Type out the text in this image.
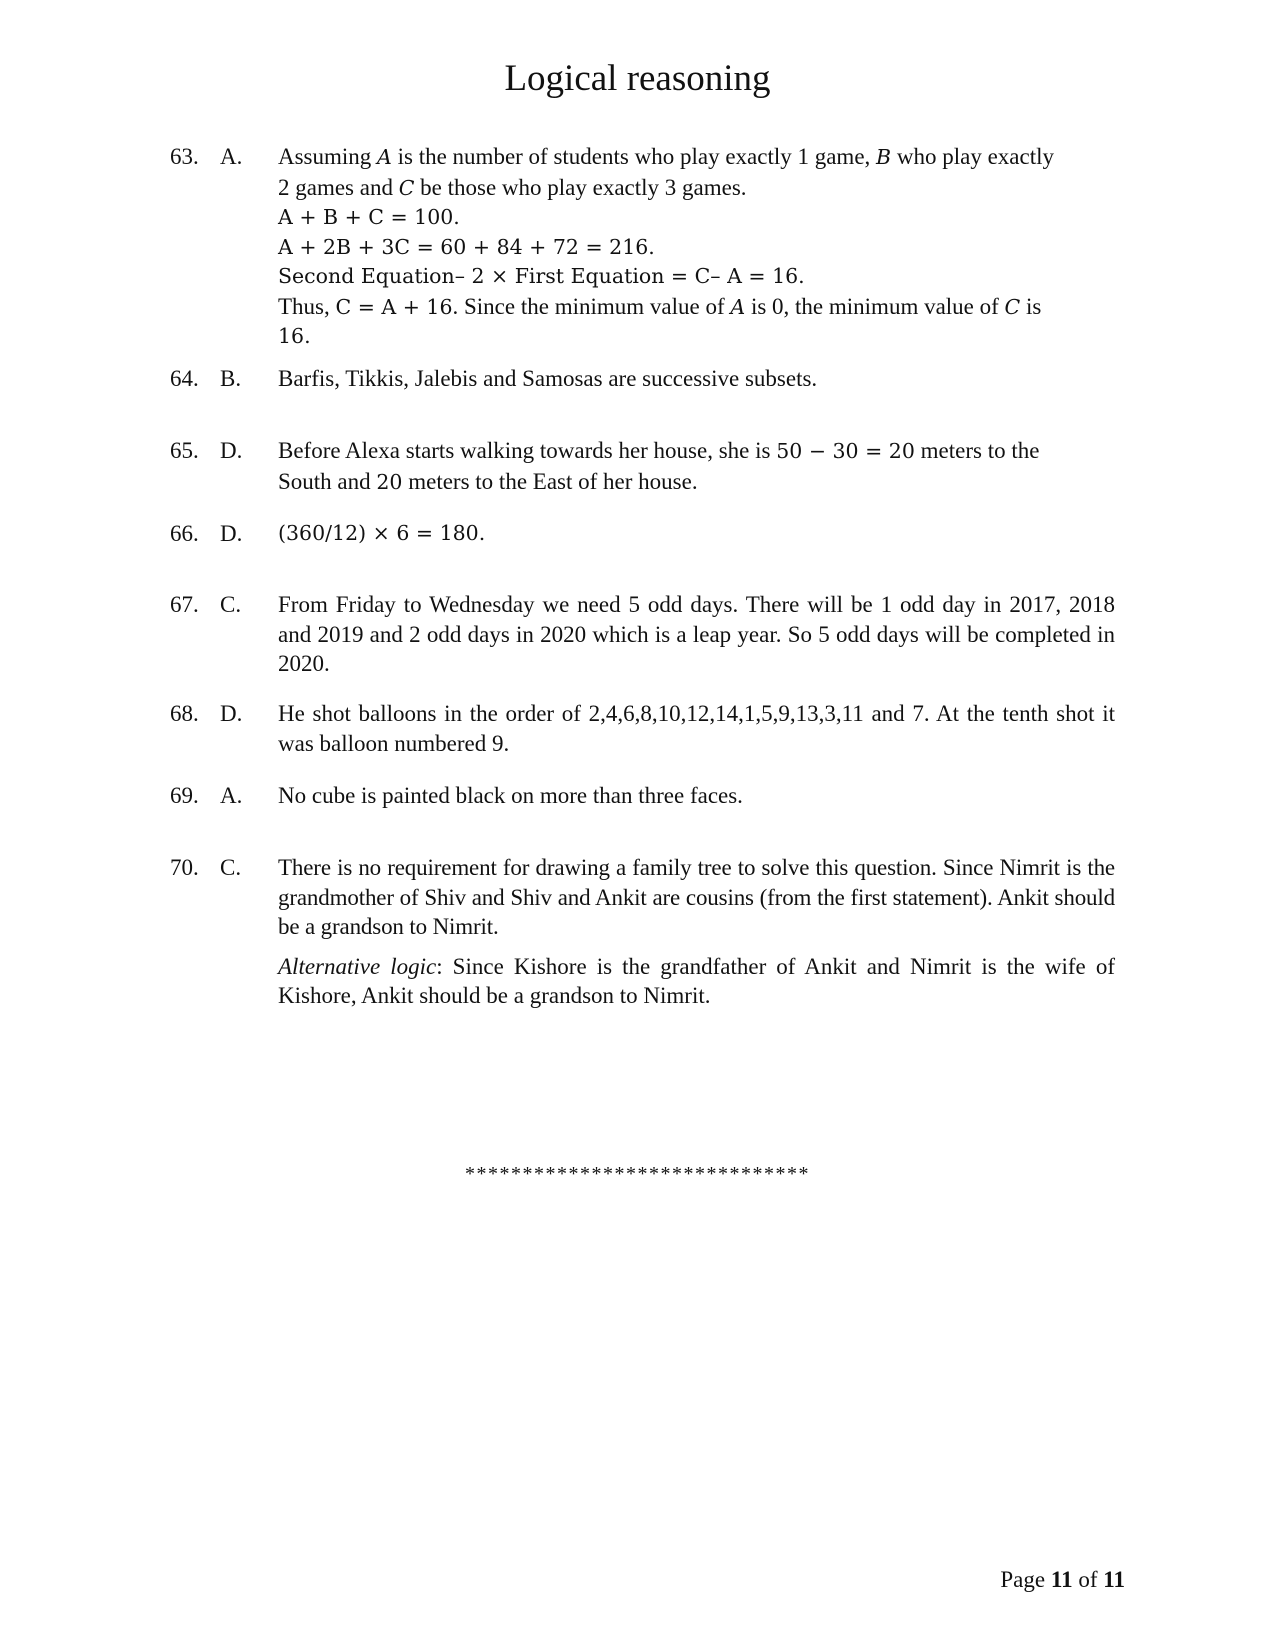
Logical reasoning
63. A. Assuming A is the number of students who play exactly 1 game, B who play exactly
2 games and C be those who play exactly 3 games.
A + B + C = 100.
A + 2B + 3C = 60 + 84 + 72 = 216.
Second Equation– 2 × First Equation = C– A = 16.
Thus, C = A + 16. Since the minimum value of A is 0, the minimum value of C is
16.
64. B. Barfis, Tikkis, Jalebis and Samosas are successive subsets.
65. D. Before Alexa starts walking towards her house, she is 50 − 30 = 20 meters to the
South and 20 meters to the East of her house.
66. D. (360/12) × 6 = 180.
67. C. From Friday to Wednesday we need 5 odd days. There will be 1 odd day in 2017, 2018 and 2019 and 2 odd days in 2020 which is a leap year. So 5 odd days will be completed in 2020.
68. D. He shot balloons in the order of 2,4,6,8,10,12,14,1,5,9,13,3,11 and 7. At the tenth shot it was balloon numbered 9.
69. A. No cube is painted black on more than three faces.
70. C. There is no requirement for drawing a family tree to solve this question. Since Nimrit is the grandmother of Shiv and Shiv and Ankit are cousins (from the first statement). Ankit should be a grandson to Nimrit.
Alternative logic: Since Kishore is the grandfather of Ankit and Nimrit is the wife of Kishore, Ankit should be a grandson to Nimrit.
******************************
Page 11 of 11
